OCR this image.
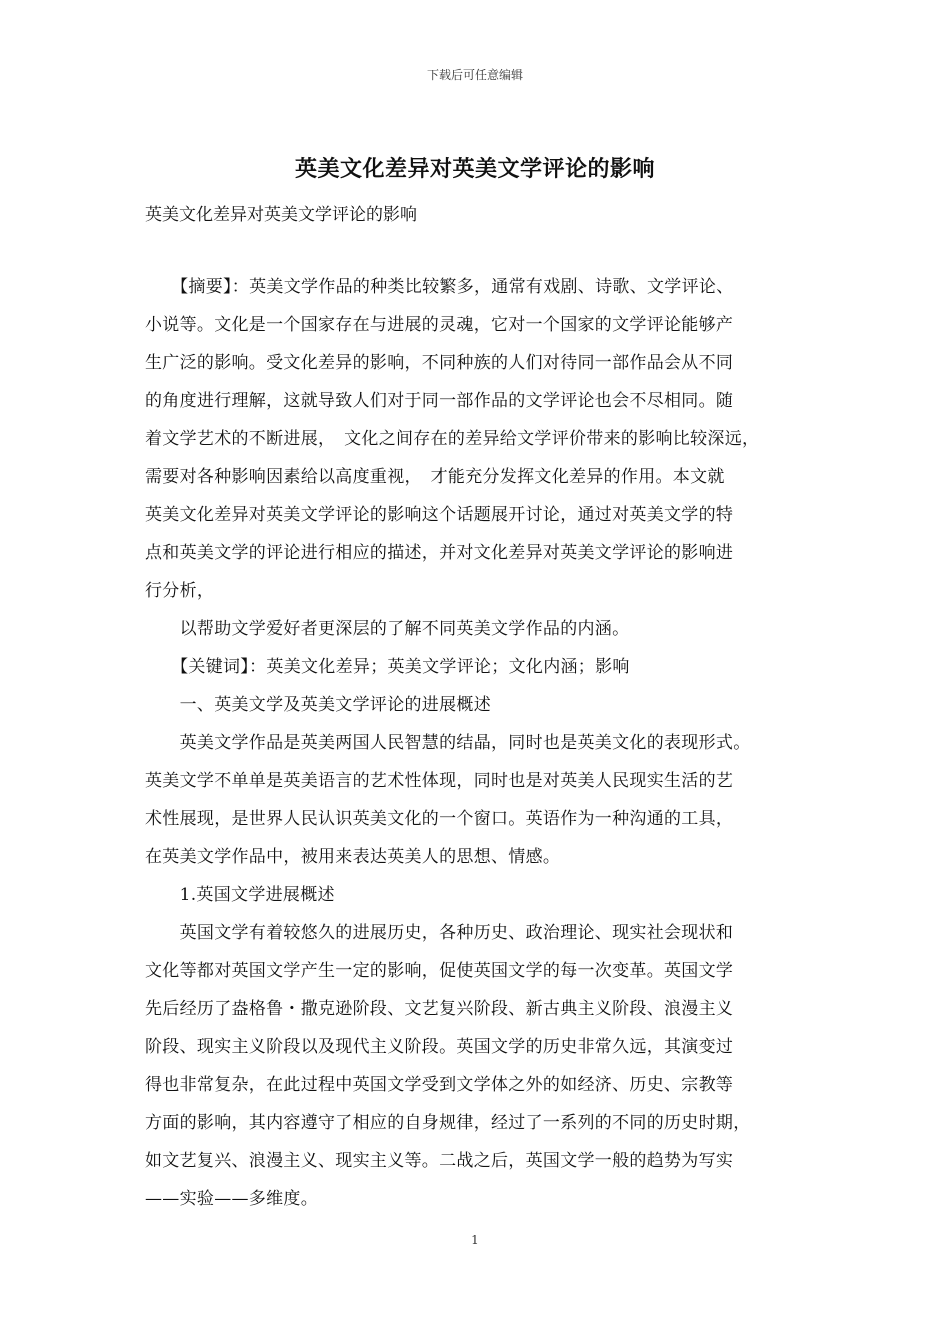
下载后可任意编辑
英美文化差异对英美文学评论的影响
英美文化差异对英美文学评论的影响
　　【摘要】：英美文学作品的种类比较繁多，通常有戏剧、诗歌、文学评论、
小说等。文化是一个国家存在与进展的灵魂，它对一个国家的文学评论能够产
生广泛的影响。受文化差异的影响，不同种族的人们对待同一部作品会从不同
的角度进行理解，这就导致人们对于同一部作品的文学评论也会不尽相同。随
着文学艺术的不断进展，　文化之间存在的差异给文学评价带来的影响比较深远，
需要对各种影响因素给以高度重视，　才能充分发挥文化差异的作用。本文就
英美文化差异对英美文学评论的影响这个话题展开讨论，通过对英美文学的特
点和英美文学的评论进行相应的描述，并对文化差异对英美文学评论的影响进
行分析，
　　以帮助文学爱好者更深层的了解不同英美文学作品的内涵。
　　【关键词】：英美文化差异；英美文学评论；文化内涵；影响
　　一、英美文学及英美文学评论的进展概述
　　英美文学作品是英美两国人民智慧的结晶，同时也是英美文化的表现形式。
英美文学不单单是英美语言的艺术性体现，同时也是对英美人民现实生活的艺
术性展现，是世界人民认识英美文化的一个窗口。英语作为一种沟通的工具，
在英美文学作品中，被用来表达英美人的思想、情感。
　　1.英国文学进展概述
　　英国文学有着较悠久的进展历史，各种历史、政治理论、现实社会现状和
文化等都对英国文学产生一定的影响，促使英国文学的每一次变革。英国文学
先后经历了盎格鲁・撒克逊阶段、文艺复兴阶段、新古典主义阶段、浪漫主义
阶段、现实主义阶段以及现代主义阶段。英国文学的历史非常久远，其演变过
得也非常复杂，在此过程中英国文学受到文学体之外的如经济、历史、宗教等
方面的影响，其内容遵守了相应的自身规律，经过了一系列的不同的历史时期，
如文艺复兴、浪漫主义、现实主义等。二战之后，英国文学一般的趋势为写实
——实验——多维度。
1
